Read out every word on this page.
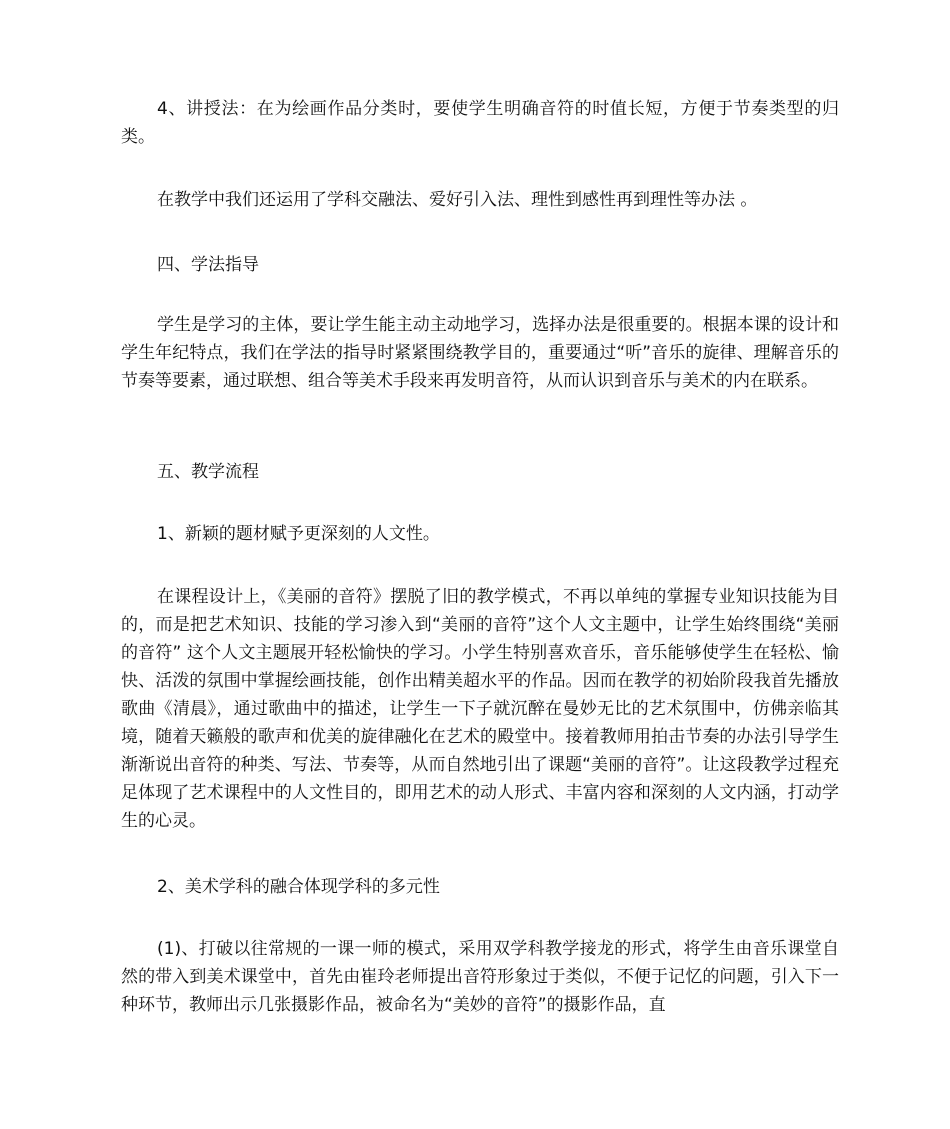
4、讲授法：在为绘画作品分类时，要使学生明确音符的时值长短，方便于节奏类型的归类。

在教学中我们还运用了学科交融法、爱好引入法、理性到感性再到理性等办法 。

四、学法指导

学生是学习的主体，要让学生能主动主动地学习，选择办法是很重要的。根据本课的设计和学生年纪特点，我们在学法的指导时紧紧围绕教学目的，重要通过“听”音乐的旋律、理解音乐的节奏等要素，通过联想、组合等美术手段来再发明音符，从而认识到音乐与美术的内在联系。

五、教学流程

1、新颖的题材赋予更深刻的人文性。

在课程设计上，《美丽的音符》摆脱了旧的教学模式，不再以单纯的掌握专业知识技能为目的，而是把艺术知识、技能的学习渗入到“美丽的音符”这个人文主题中，让学生始终围绕“美丽的音符” 这个人文主题展开轻松愉快的学习。小学生特别喜欢音乐，音乐能够使学生在轻松、愉快、活泼的氛围中掌握绘画技能，创作出精美超水平的作品。因而在教学的初始阶段我首先播放歌曲《清晨》，通过歌曲中的描述，让学生一下子就沉醉在曼妙无比的艺术氛围中，仿佛亲临其境，随着天籁般的歌声和优美的旋律融化在艺术的殿堂中。接着教师用拍击节奏的办法引导学生渐渐说出音符的种类、写法、节奏等，从而自然地引出了课题“美丽的音符”。让这段教学过程充足体现了艺术课程中的人文性目的，即用艺术的动人形式、丰富内容和深刻的人文内涵，打动学生的心灵。

2、美术学科的融合体现学科的多元性

(1)、打破以往常规的一课一师的模式，采用双学科教学接龙的形式，将学生由音乐课堂自然的带入到美术课堂中，首先由崔玲老师提出音符形象过于类似，不便于记忆的问题，引入下一种环节，教师出示几张摄影作品，被命名为“美妙的音符”的摄影作品，直
